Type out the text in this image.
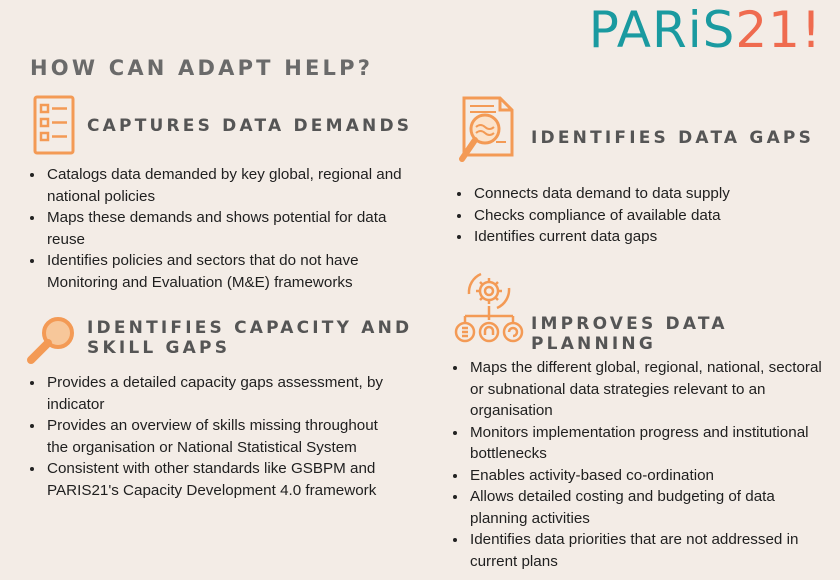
PARiS21!
HOW CAN ADAPT HELP?
CAPTURES DATA DEMANDS
Catalogs data demanded by key global, regional and national policies
Maps these demands and shows potential for data reuse
Identifies policies and sectors that do not have Monitoring and Evaluation (M&E) frameworks
IDENTIFIES CAPACITY AND
SKILL GAPS
Provides a detailed capacity gaps assessment, by indicator
Provides an overview of skills missing throughout the organisation or National Statistical System
Consistent with other standards like GSBPM and PARIS21's Capacity Development 4.0 framework
IDENTIFIES DATA GAPS
Connects data demand to data supply
Checks compliance of available data
Identifies current data gaps
IMPROVES DATA PLANNING
Maps the different global, regional, national, sectoral or subnational data strategies relevant to an organisation
Monitors implementation progress and institutional bottlenecks
Enables activity-based co-ordination
Allows detailed costing and budgeting of data planning activities
Identifies data priorities that are not addressed in current plans
